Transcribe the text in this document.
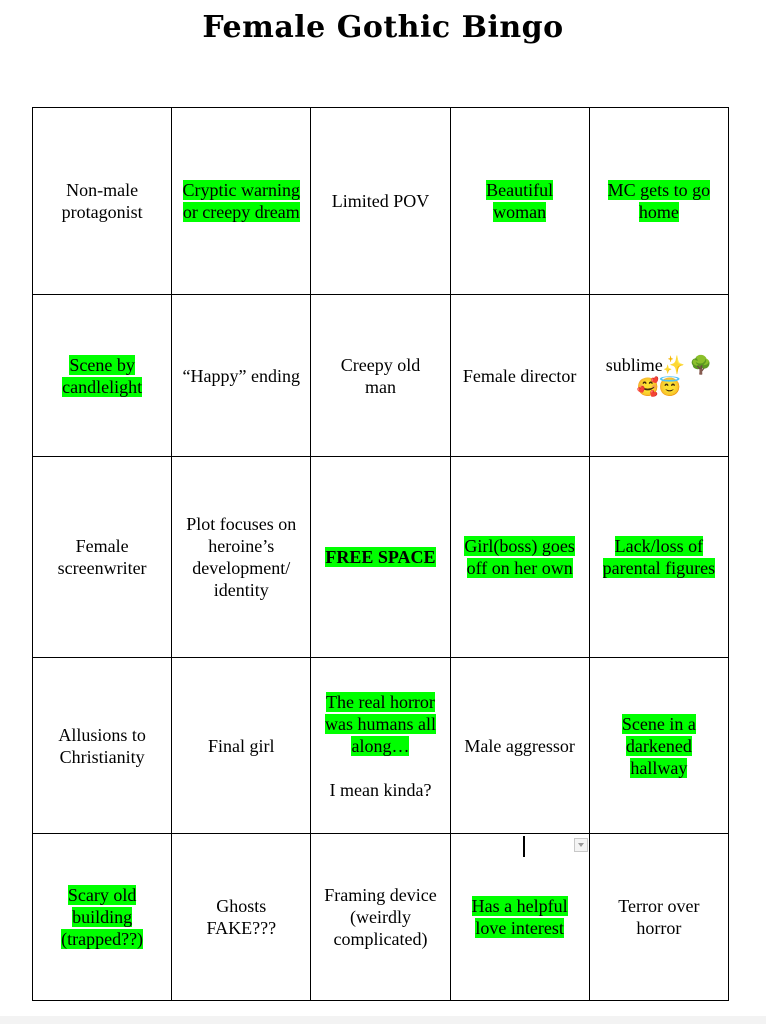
Female Gothic Bingo
Non-male
protagonist	Cryptic warning
or creepy dream	Limited POV	Beautiful
woman	MC gets to go
home

Scene by
candlelight	“Happy” ending	Creepy old
man	Female director	sublime✨ 🌳
🥰😇

Female
screenwriter	Plot focuses on
heroine’s
development/
identity	FREE SPACE	Girl(boss) goes
off on her own	Lack/loss of
parental figures

Allusions to
Christianity	Final girl	The real horror
was humans all
along…
I mean kinda?	Male aggressor	Scene in a
darkened
hallway

Scary old
building
(trapped??)	Ghosts
FAKE???	Framing device
(weirdly
complicated)	Has a helpful
love interest	Terror over
horror
